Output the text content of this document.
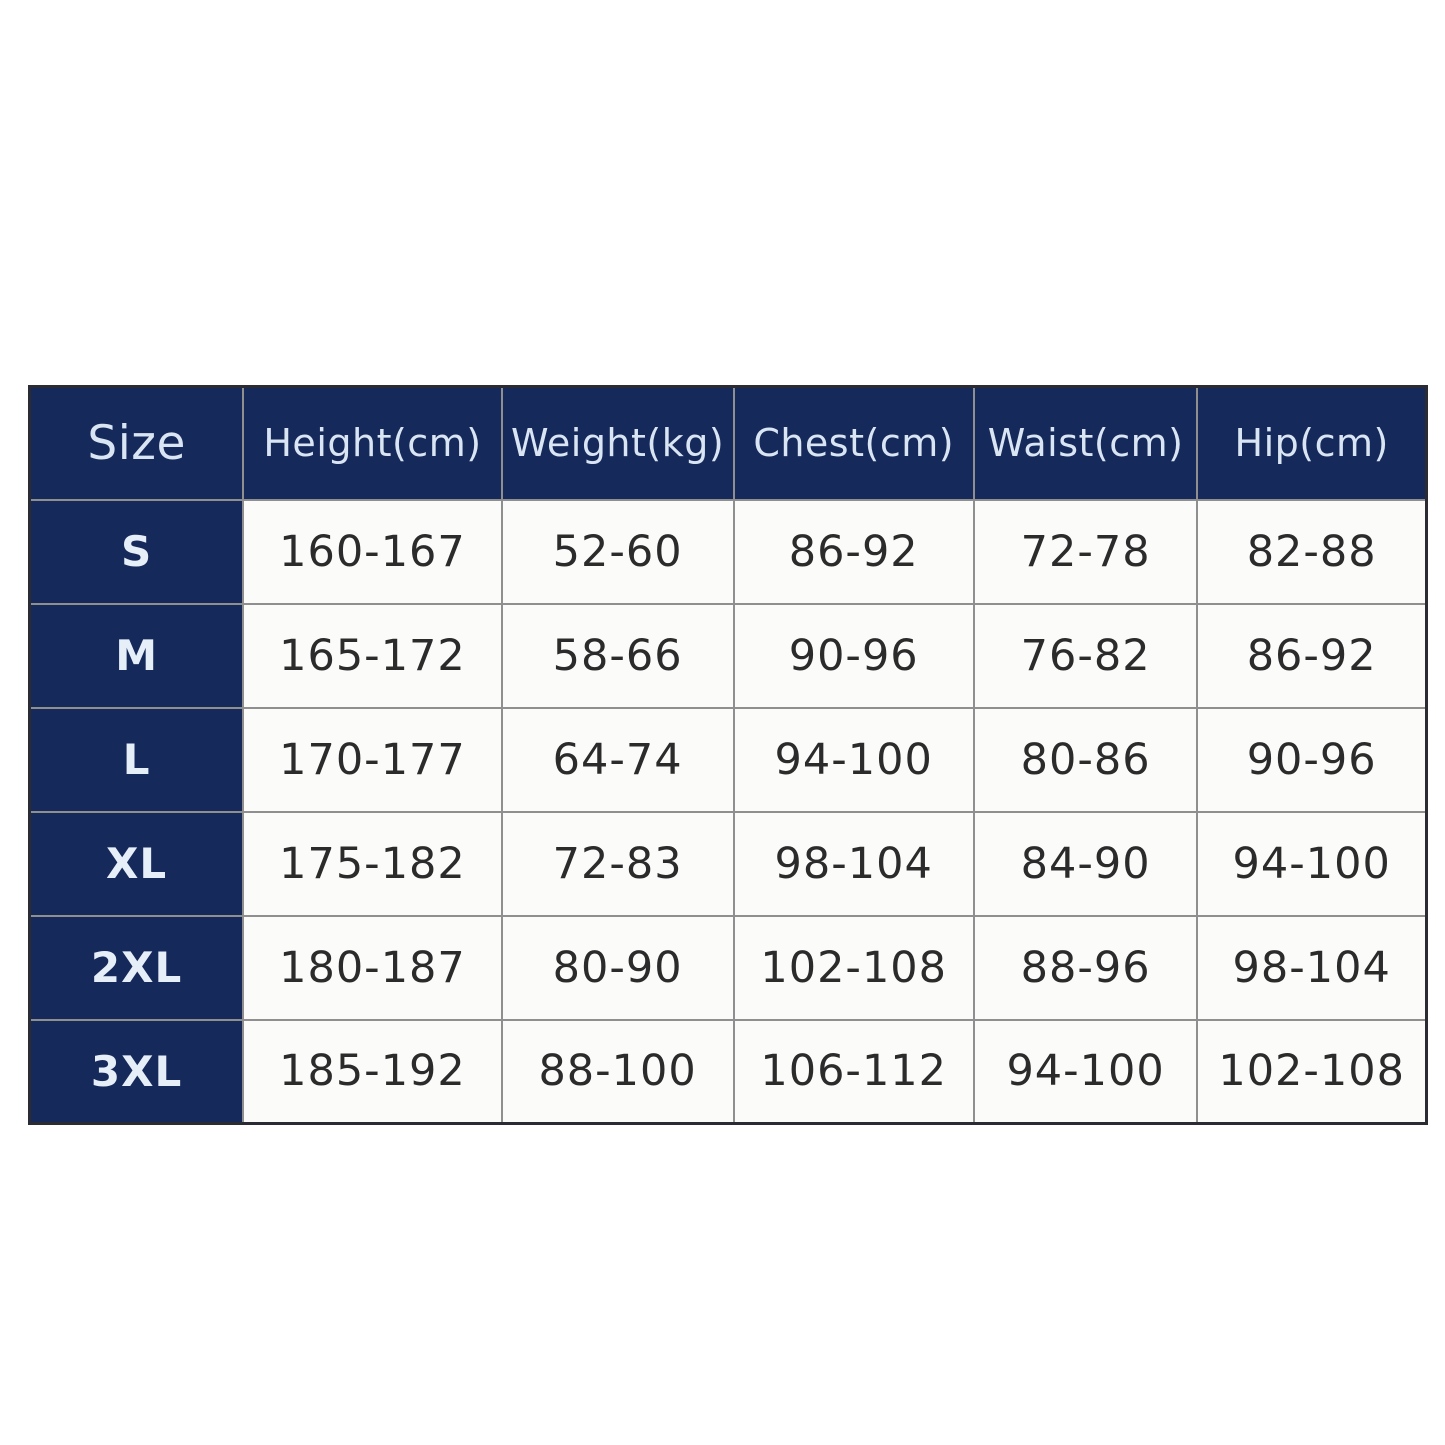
Size	Height(cm)	Weight(kg)	Chest(cm)	Waist(cm)	Hip(cm)
S	160-167	52-60	86-92	72-78	82-88
M	165-172	58-66	90-96	76-82	86-92
L	170-177	64-74	94-100	80-86	90-96
XL	175-182	72-83	98-104	84-90	94-100
2XL	180-187	80-90	102-108	88-96	98-104
3XL	185-192	88-100	106-112	94-100	102-108
